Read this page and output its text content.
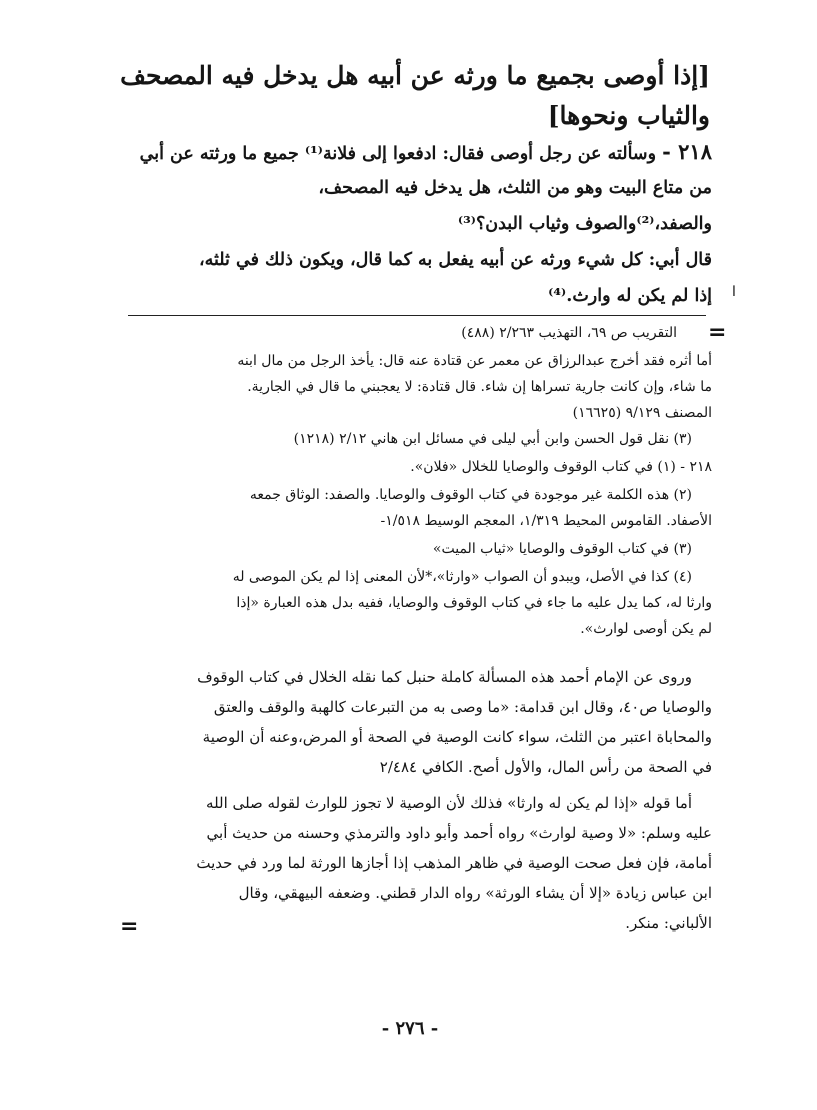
[إذا أوصى بجميع ما ورثه عن أبيه هل يدخل فيه المصحف
والثياب ونحوها]
٢١٨ - وسألته عن رجل أوصى فقال: ادفعوا إلى فلانة⁽¹⁾ جميع ما ورثته عن أبي
من متاع البيت وهو من الثلث، هل يدخل فيه المصحف،
والصفد،⁽²⁾والصوف وثياب البدن؟⁽³⁾
قال أبي: كل شيء ورثه عن أبيه يفعل به كما قال، ويكون ذلك في ثلثه،
إذا لم يكن له وارث.⁽⁴⁾ ا
=
التقريب ص ٦٩، التهذيب ٢/٢٦٣ (٤٨٨)
أما أثره فقد أخرج عبدالرزاق عن معمر عن قتادة عنه قال: يأخذ الرجل من مال ابنه
ما شاء، وإن كانت جارية تسراها إن شاء. قال قتادة: لا يعجبني ما قال في الجارية.
المصنف ٩/١٢٩ (١٦٦٢٥)
(٣) نقل قول الحسن وابن أبي ليلى في مسائل ابن هاني ٢/١٢ (١٢١٨)
٢١٨ - (١) في كتاب الوقوف والوصايا للخلال «فلان».
(٢) هذه الكلمة غير موجودة في كتاب الوقوف والوصايا. والصفد: الوثاق جمعه
الأصفاد. القاموس المحيط ١/٣١٩، المعجم الوسيط ١/٥١٨-
(٣) في كتاب الوقوف والوصايا «ثياب الميت»
(٤) كذا في الأصل، ويبدو أن الصواب «وارثا»،*لأن المعنى إذا لم يكن الموصى له
وارثا له، كما يدل عليه ما جاء في كتاب الوقوف والوصايا، ففيه بدل هذه العبارة «إذا
لم يكن أوصى لوارث».
وروى عن الإمام أحمد هذه المسألة كاملة حنبل كما نقله الخلال في كتاب الوقوف
والوصايا ص٤٠، وقال ابن قدامة: «ما وصى به من التبرعات كالهبة والوقف والعتق
والمحاباة اعتبر من الثلث، سواء كانت الوصية في الصحة أو المرض،وعنه أن الوصية
في الصحة من رأس المال، والأول أصح. الكافي ٢/٤٨٤
أما قوله «إذا لم يكن له وارثا» فذلك لأن الوصية لا تجوز للوارث لقوله صلى الله
عليه وسلم: «لا وصية لوارث» رواه أحمد وأبو داود والترمذي وحسنه من حديث أبي
أمامة، فإن فعل صحت الوصية في ظاهر المذهب إذا أجازها الورثة لما ورد في حديث
ابن عباس زيادة «إلا أن يشاء الورثة» رواه الدار قطني. وضعفه البيهقي، وقال
الألباني: منكر.
=
- ٢٧٦ -
